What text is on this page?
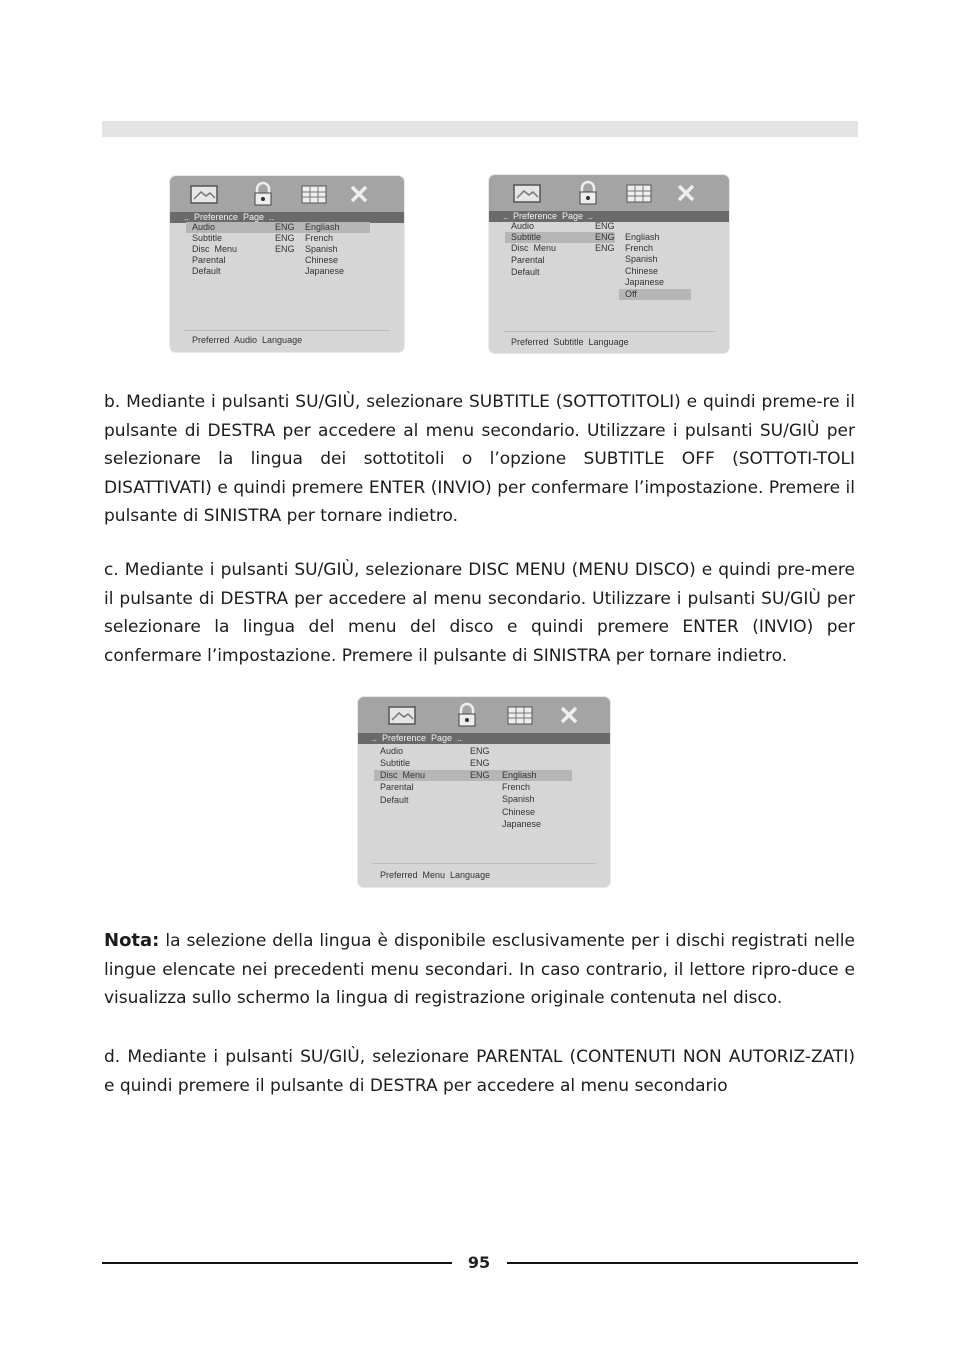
..  Preference  Page  ..
Audio
Subtitle
Disc  Menu
Parental
Default
ENG
ENG
ENG
Engliash
French
Spanish
Chinese
Japanese
Preferred  Audio  Language
..  Preference  Page  ..
Audio
Subtitle
Disc  Menu
Parental
Default
ENG
ENG
ENG
Engliash
French
Spanish
Chinese
Japanese
Off
Preferred  Subtitle  Language

b. Mediante i pulsanti SU/GIÙ, selezionare SUBTITLE (SOTTOTITOLI) e quindi preme-re il pulsante di DESTRA per accedere al menu secondario. Utilizzare i pulsanti SU/GIÙ per selezionare la lingua dei sottotitoli o l’opzione SUBTITLE OFF (SOTTOTI-TOLI DISATTIVATI) e quindi premere ENTER (INVIO) per confermare l’impostazione. Premere il pulsante di SINISTRA per tornare indietro.

c. Mediante i pulsanti SU/GIÙ, selezionare DISC MENU (MENU DISCO) e quindi pre-mere il pulsante di DESTRA per accedere al menu secondario. Utilizzare i pulsanti SU/GIÙ per selezionare la lingua del menu del disco e quindi premere ENTER (INVIO) per confermare l’impostazione. Premere il pulsante di SINISTRA per tornare indietro.

..  Preference  Page  ..
Audio
Subtitle
Disc  Menu
Parental
Default
ENG
ENG
ENG Engliash
French
Spanish
Chinese
Japanese
Preferred  Menu  Language

Nota: la selezione della lingua è disponibile esclusivamente per i dischi registrati nelle lingue elencate nei precedenti menu secondari. In caso contrario, il lettore ripro-duce e visualizza sullo schermo la lingua di registrazione originale contenuta nel disco.

d. Mediante i pulsanti SU/GIÙ, selezionare PARENTAL (CONTENUTI NON AUTORIZ-ZATI) e quindi premere il pulsante di DESTRA per accedere al menu secondario

95
